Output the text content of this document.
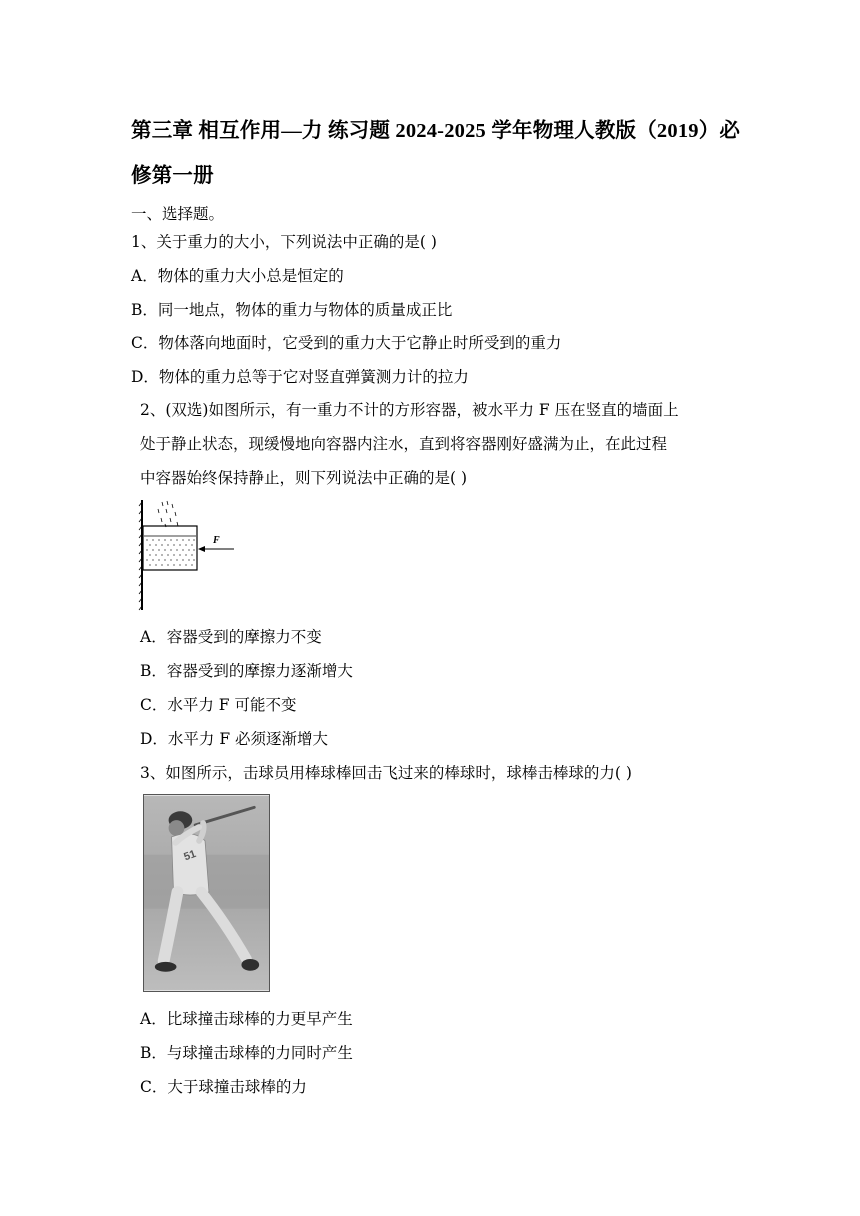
第三章 相互作用—力 练习题 2024-2025 学年物理人教版（2019）必
修第一册
一、选择题。
1、关于重力的大小，下列说法中正确的是( )
A．物体的重力大小总是恒定的
B．同一地点，物体的重力与物体的质量成正比
C．物体落向地面时，它受到的重力大于它静止时所受到的重力
D．物体的重力总等于它对竖直弹簧测力计的拉力
2、(双选)如图所示，有一重力不计的方形容器，被水平力 F 压在竖直的墙面上
处于静止状态，现缓慢地向容器内注水，直到将容器刚好盛满为止，在此过程
中容器始终保持静止，则下列说法中正确的是( )
F
A．容器受到的摩擦力不变
B．容器受到的摩擦力逐渐增大
C．水平力 F 可能不变
D．水平力 F 必须逐渐增大
3、如图所示，击球员用棒球棒回击飞过来的棒球时，球棒击棒球的力( )
51
A．比球撞击球棒的力更早产生
B．与球撞击球棒的力同时产生
C．大于球撞击球棒的力
